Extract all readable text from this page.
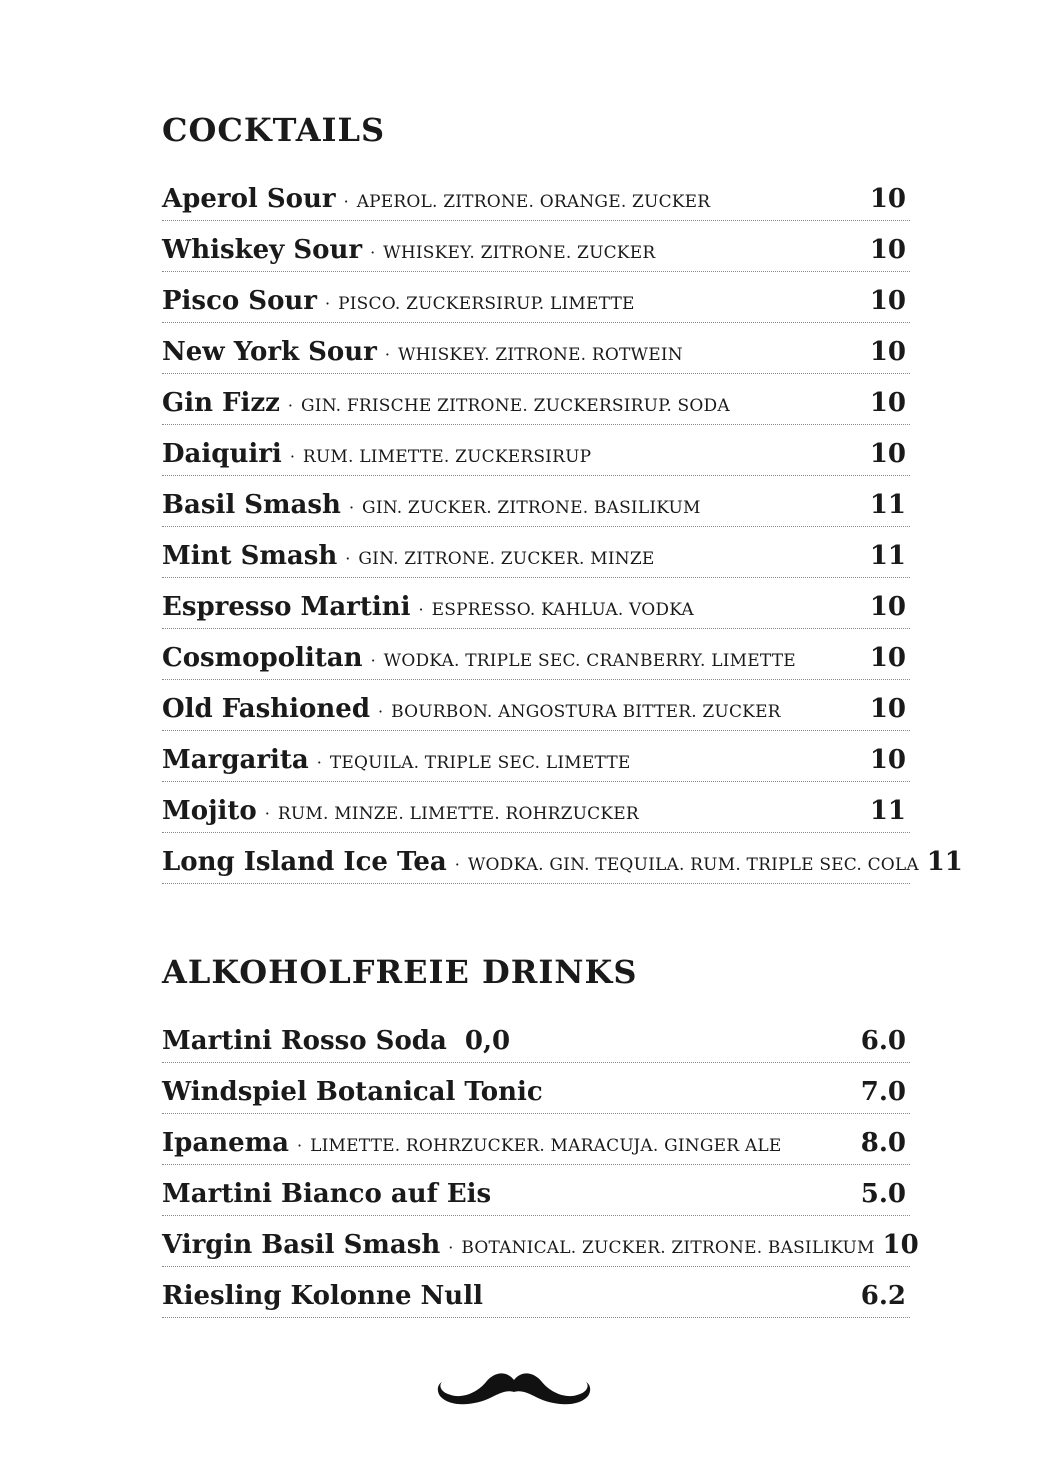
COCKTAILS
Aperol Sour · APEROL. ZITRONE. ORANGE. ZUCKER	10
Whiskey Sour · WHISKEY. ZITRONE. ZUCKER	10
Pisco Sour · PISCO. ZUCKERSIRUP. LIMETTE	10
New York Sour · WHISKEY. ZITRONE. ROTWEIN	10
Gin Fizz · GIN. FRISCHE ZITRONE. ZUCKERSIRUP. SODA	10
Daiquiri · RUM. LIMETTE. ZUCKERSIRUP	10
Basil Smash · GIN. ZUCKER. ZITRONE. BASILIKUM	11
Mint Smash · GIN. ZITRONE. ZUCKER. MINZE	11
Espresso Martini · ESPRESSO. KAHLUA. VODKA	10
Cosmopolitan · WODKA. TRIPLE SEC. CRANBERRY. LIMETTE	10
Old Fashioned · BOURBON. ANGOSTURA BITTER. ZUCKER	10
Margarita · TEQUILA. TRIPLE SEC. LIMETTE	10
Mojito · RUM. MINZE. LIMETTE. ROHRZUCKER	11
Long Island Ice Tea · WODKA. GIN. TEQUILA. RUM. TRIPLE SEC. COLA 11
ALKOHOLFREIE DRINKS
Martini Rosso Soda  0,0	6.0
Windspiel Botanical Tonic	7.0
Ipanema · LIMETTE. ROHRZUCKER. MARACUJA. GINGER ALE	8.0
Martini Bianco auf Eis	5.0
Virgin Basil Smash · BOTANICAL. ZUCKER. ZITRONE. BASILIKUM 10
Riesling Kolonne Null	6.2
